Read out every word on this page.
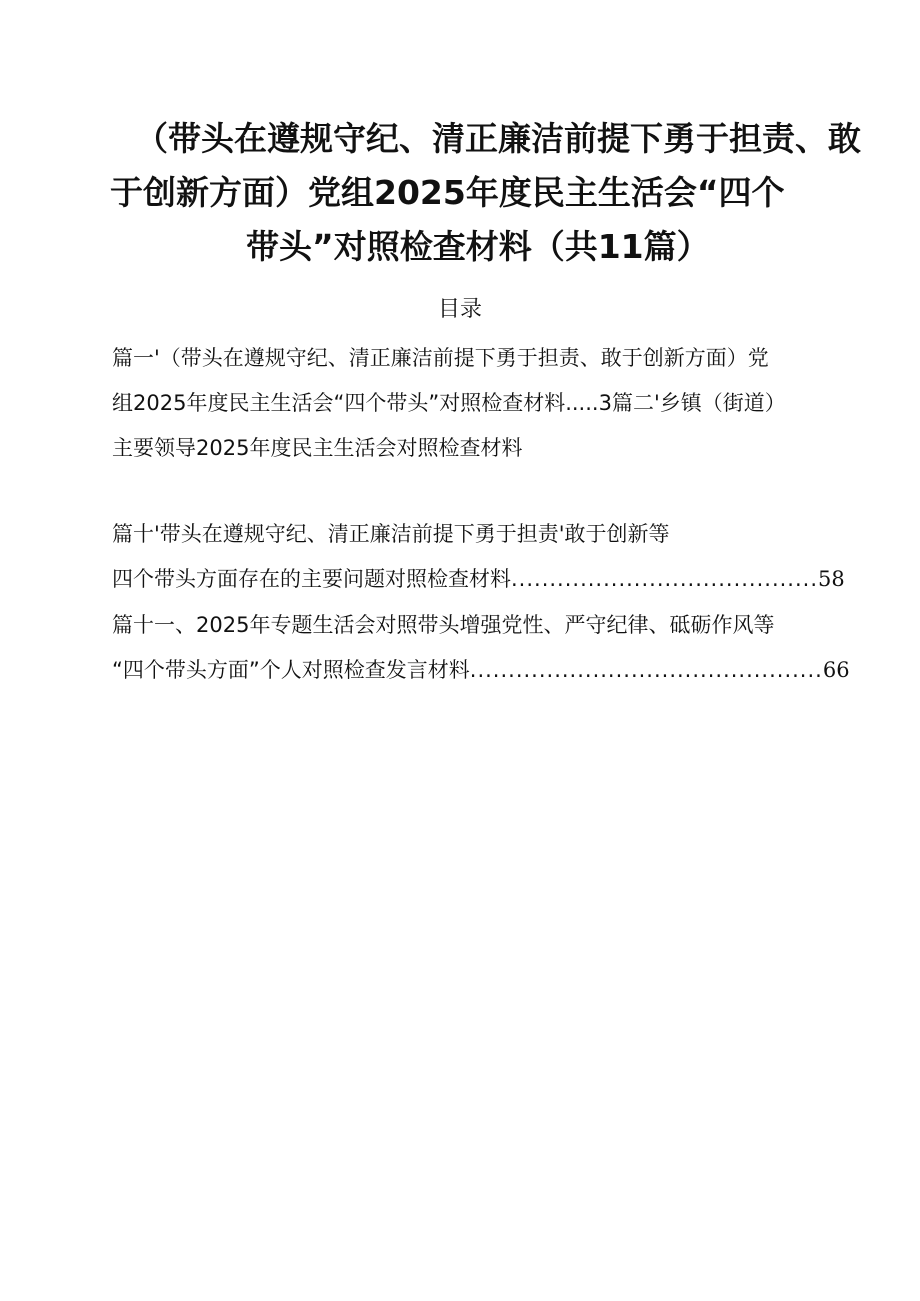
（带头在遵规守纪、清正廉洁前提下勇于担责、敢
于创新方面）党组2025年度民主生活会“四个
带头”对照检查材料（共11篇）
目录
篇一'（带头在遵规守纪、清正廉洁前提下勇于担责、敢于创新方面）党
组2025年度民主生活会“四个带头”对照检查材料.....3篇二'乡镇（街道）
主要领导2025年度民主生活会对照检查材料
篇十'带头在遵规守纪、清正廉洁前提下勇于担责'敢于创新等
四个带头方面存在的主要问题对照检查材料........................................58
篇十一、2025年专题生活会对照带头增强党性、严守纪律、砥砺作风等
“四个带头方面”个人对照检查发言材料..............................................66
